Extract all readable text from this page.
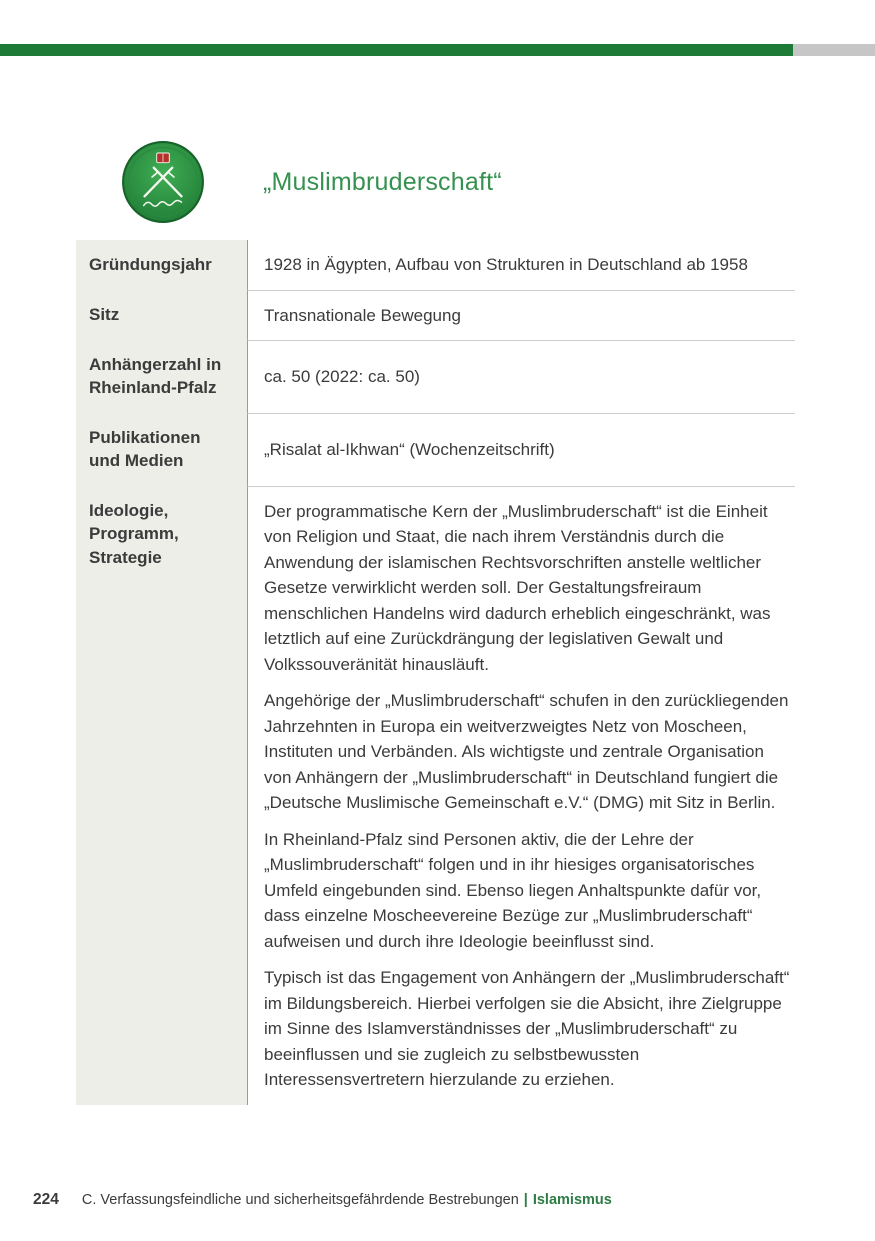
„Muslimbruderschaft“
Gründungsjahr	1928 in Ägypten, Aufbau von Strukturen in Deutschland ab 1958

Sitz	Transnationale Bewegung

Anhängerzahl in Rheinland-Pfalz

ca. 50 (2022: ca. 50)

Publikationen und Medien

„Risalat al-Ikhwan“ (Wochenzeitschrift)

Ideologie, Programm, Strategie

Der programmatische Kern der „Muslimbruderschaft“ ist die Einheit von Religion und Staat, die nach ihrem Verständnis durch die Anwendung der islamischen Rechtsvorschriften anstelle weltlicher Gesetze verwirklicht werden soll. Der Gestaltungsfreiraum menschlichen Handelns wird dadurch erheblich eingeschränkt, was letztlich auf eine Zurückdrängung der legislativen Gewalt und Volkssouveränität hinausläuft.

Angehörige der „Muslimbruderschaft“ schufen in den zurückliegenden Jahrzehnten in Europa ein weitverzweigtes Netz von Moscheen, Instituten und Verbänden. Als wichtigste und zentrale Organisation von Anhängern der „Muslimbruderschaft“ in Deutschland fungiert die „Deutsche Muslimische Gemeinschaft e.V.“ (DMG) mit Sitz in Berlin.

In Rheinland-Pfalz sind Personen aktiv, die der Lehre der „Muslimbruderschaft“ folgen und in ihr hiesiges organisatorisches Umfeld eingebunden sind. Ebenso liegen Anhaltspunkte dafür vor, dass einzelne Moscheevereine Bezüge zur „Muslimbruderschaft“ aufweisen und durch ihre Ideologie beeinflusst sind.

Typisch ist das Engagement von Anhängern der „Muslimbruderschaft“ im Bildungsbereich. Hierbei verfolgen sie die Absicht, ihre Zielgruppe im Sinne des Islamverständnisses der „Muslimbruderschaft“ zu beeinflussen und sie zugleich zu selbstbewussten Interessensvertretern hierzulande zu erziehen.

224 C. Verfassungsfeindliche und sicherheitsgefährdende Bestrebungen | Islamismus
